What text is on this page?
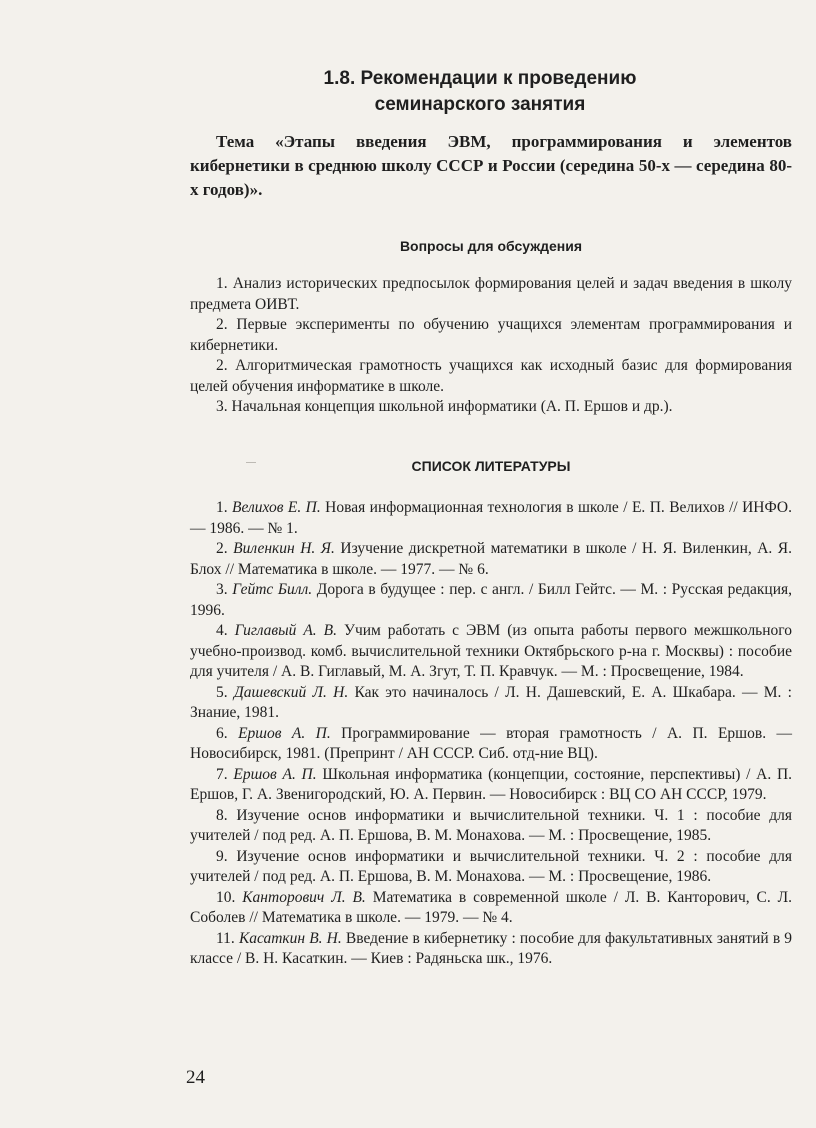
1.8. Рекомендации к проведению
семинарского занятия

Тема «Этапы введения ЭВМ, программирования и элементов кибернетики в среднюю школу СССР и России (середина 50-х — середина 80-х годов)».

Вопросы для обсуждения
1. Анализ исторических предпосылок формирования целей и задач введения в школу предмета ОИВТ.
2. Первые эксперименты по обучению учащихся элементам программирования и кибернетики.
2. Алгоритмическая грамотность учащихся как исходный базис для формирования целей обучения информатике в школе.
3. Начальная концепция школьной информатики (А. П. Ершов и др.).
СПИСОК ЛИТЕРАТУРЫ
1. Велихов Е. П. Новая информационная технология в школе / Е. П. Велихов // ИНФО. — 1986. — № 1.
2. Виленкин Н. Я. Изучение дискретной математики в школе / Н. Я. Виленкин, А. Я. Блох // Математика в школе. — 1977. — № 6.
3. Гейтс Билл. Дорога в будущее : пер. с англ. / Билл Гейтс. — М. : Русская редакция, 1996.
4. Гиглавый А. В. Учим работать с ЭВМ (из опыта работы первого межшкольного учебно-производ. комб. вычислительной техники Октябрьского р-на г. Москвы) : пособие для учителя / А. В. Гиглавый, М. А. Згут, Т. П. Кравчук. — М. : Просвещение, 1984.
5. Дашевский Л. Н. Как это начиналось / Л. Н. Дашевский, Е. А. Шкабара. — М. : Знание, 1981.
6. Ершов А. П. Программирование — вторая грамотность / А. П. Ершов. — Новосибирск, 1981. (Препринт / АН СССР. Сиб. отд-ние ВЦ).
7. Ершов А. П. Школьная информатика (концепции, состояние, перспективы) / А. П. Ершов, Г. А. Звенигородский, Ю. А. Первин. — Новосибирск : ВЦ СО АН СССР, 1979.
8. Изучение основ информатики и вычислительной техники. Ч. 1 : пособие для учителей / под ред. А. П. Ершова, В. М. Монахова. — М. : Просвещение, 1985.
9. Изучение основ информатики и вычислительной техники. Ч. 2 : пособие для учителей / под ред. А. П. Ершова, В. М. Монахова. — М. : Просвещение, 1986.
10. Канторович Л. В. Математика в современной школе / Л. В. Канторович, С. Л. Соболев // Математика в школе. — 1979. — № 4.
11. Касаткин В. Н. Введение в кибернетику : пособие для факультативных занятий в 9 классе / В. Н. Касаткин. — Киев : Радяньска шк., 1976.

24
